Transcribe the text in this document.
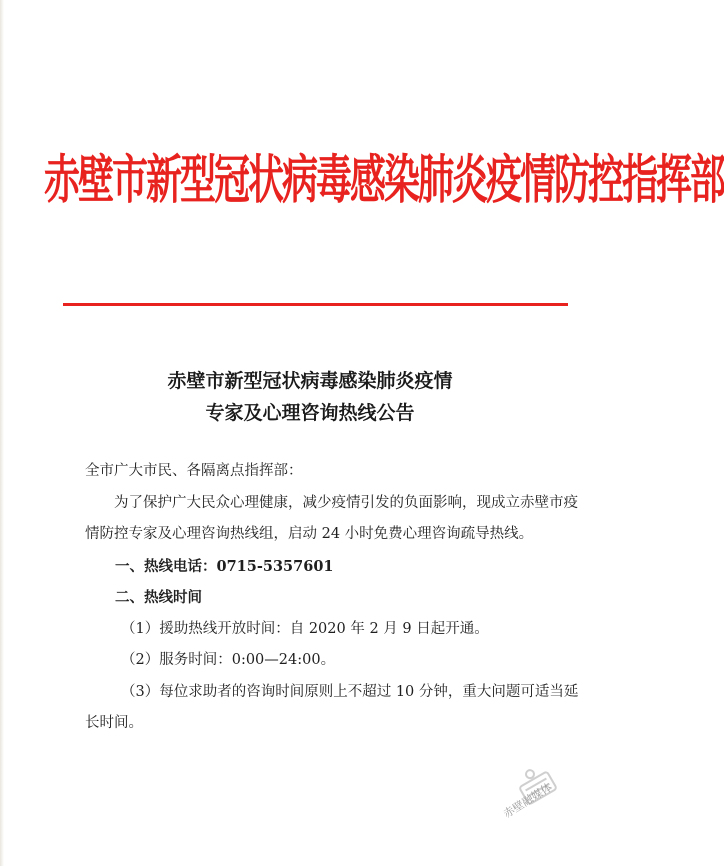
赤壁市新型冠状病毒感染肺炎疫情防控指挥部
赤壁市新型冠状病毒感染肺炎疫情
专家及心理咨询热线公告

全市广大市民、各隔离点指挥部：

为了保护广大民众心理健康，减少疫情引发的负面影响，现成立赤壁市疫情防控专家及心理咨询热线组，启动 24 小时免费心理咨询疏导热线。

一、热线电话：0715-5357601

二、热线时间

（1）援助热线开放时间：自 2020 年 2 月 9 日起开通。

（2）服务时间：0:00—24:00。

（3）每位求助者的咨询时间原则上不超过 10 分钟，重大问题可适当延长时间。

赤壁融媒体
